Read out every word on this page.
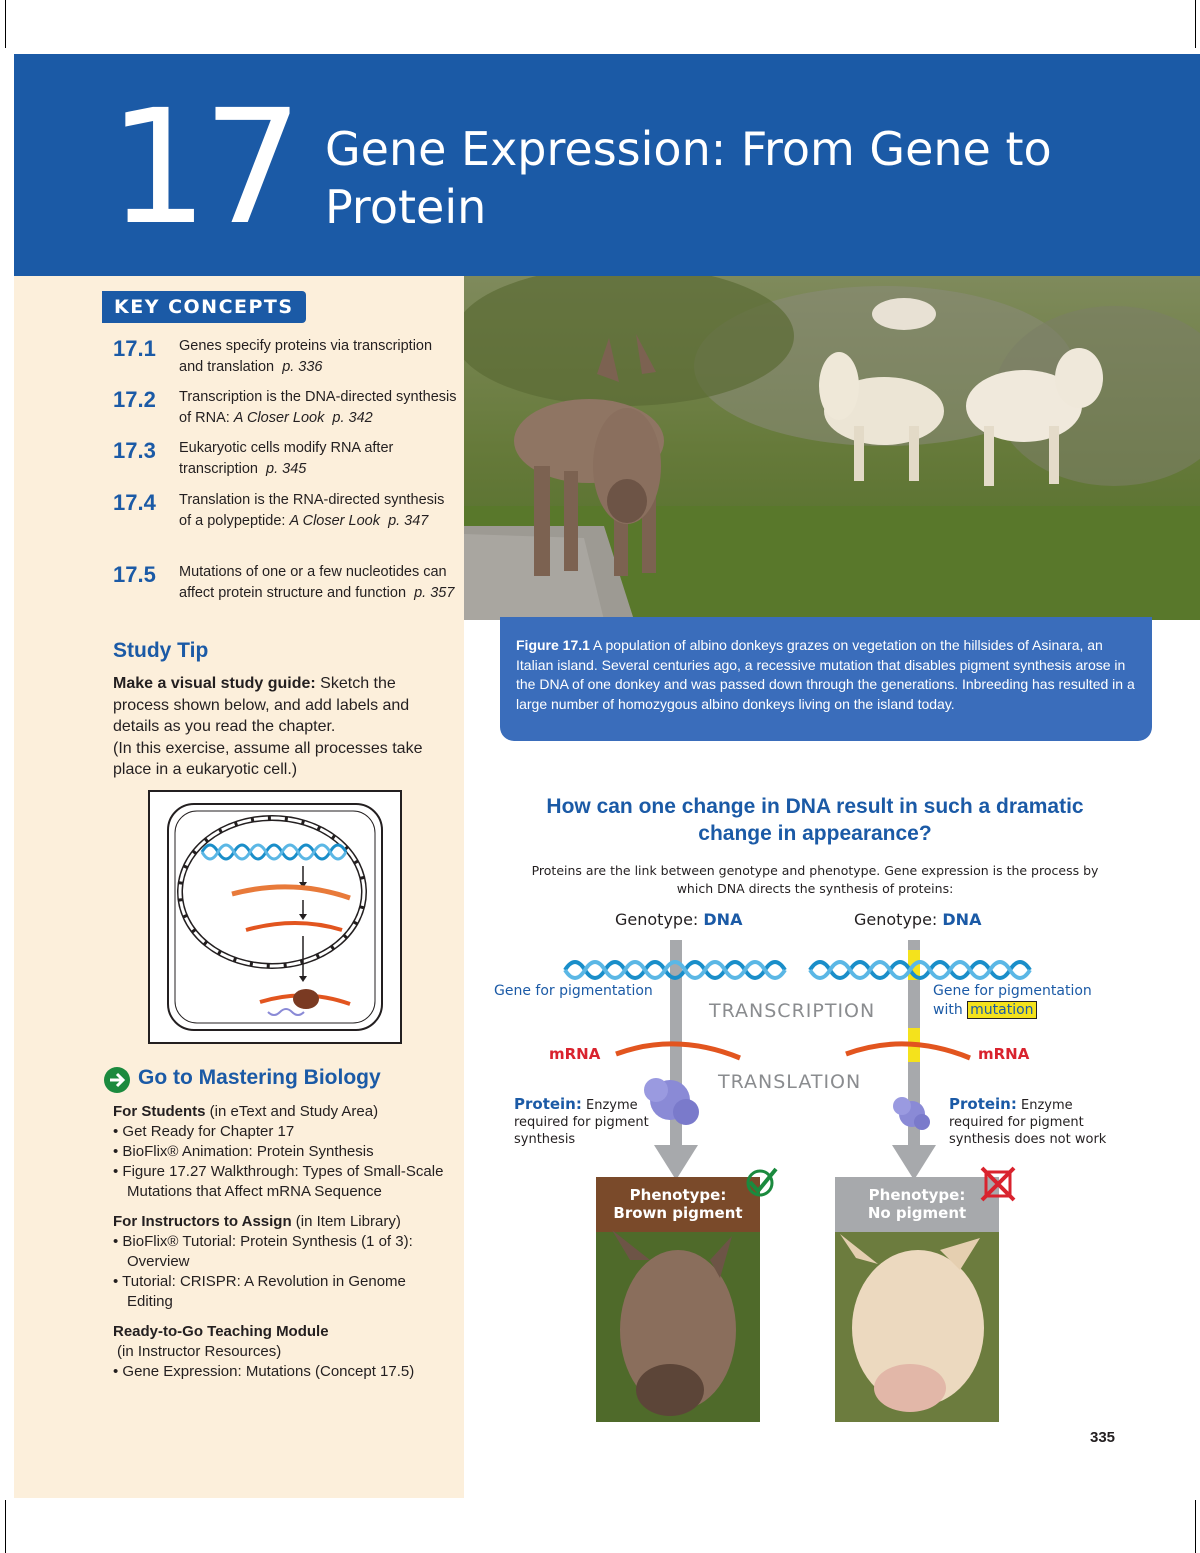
17 Gene Expression: From Gene to Protein
KEY CONCEPTS
17.1 Genes specify proteins via transcription and translation p. 336
17.2 Transcription is the DNA-directed synthesis of RNA: A Closer Look p. 342
17.3 Eukaryotic cells modify RNA after transcription p. 345
17.4 Translation is the RNA-directed synthesis of a polypeptide: A Closer Look p. 347
17.5 Mutations of one or a few nucleotides can affect protein structure and function p. 357
Study Tip
Make a visual study guide: Sketch the process shown below, and add labels and details as you read the chapter.
(In this exercise, assume all processes take place in a eukaryotic cell.)
Go to Mastering Biology
For Students (in eText and Study Area)
• Get Ready for Chapter 17
• BioFlix® Animation: Protein Synthesis
• Figure 17.27 Walkthrough: Types of Small-Scale Mutations that Affect mRNA Sequence
For Instructors to Assign (in Item Library)
• BioFlix® Tutorial: Protein Synthesis (1 of 3): Overview
• Tutorial: CRISPR: A Revolution in Genome Editing
Ready-to-Go Teaching Module
(in Instructor Resources)
• Gene Expression: Mutations (Concept 17.5)
Figure 17.1 A population of albino donkeys grazes on vegetation on the hillsides of Asinara, an Italian island. Several centuries ago, a recessive mutation that disables pigment synthesis arose in the DNA of one donkey and was passed down through the generations. Inbreeding has resulted in a large number of homozygous albino donkeys living on the island today.
How can one change in DNA result in such a dramatic change in appearance?
Proteins are the link between genotype and phenotype. Gene expression is the process by which DNA directs the synthesis of proteins:
Genotype: DNA	Genotype: DNA
Gene for pigmentation	Gene for pigmentation
with mutation
TRANSCRIPTION
TRANSLATION
mRNA	mRNA
Protein: Enzyme required for pigment synthesis
Protein: Enzyme required for pigment synthesis does not work
Phenotype:
Brown pigment
Phenotype:
No pigment
335
